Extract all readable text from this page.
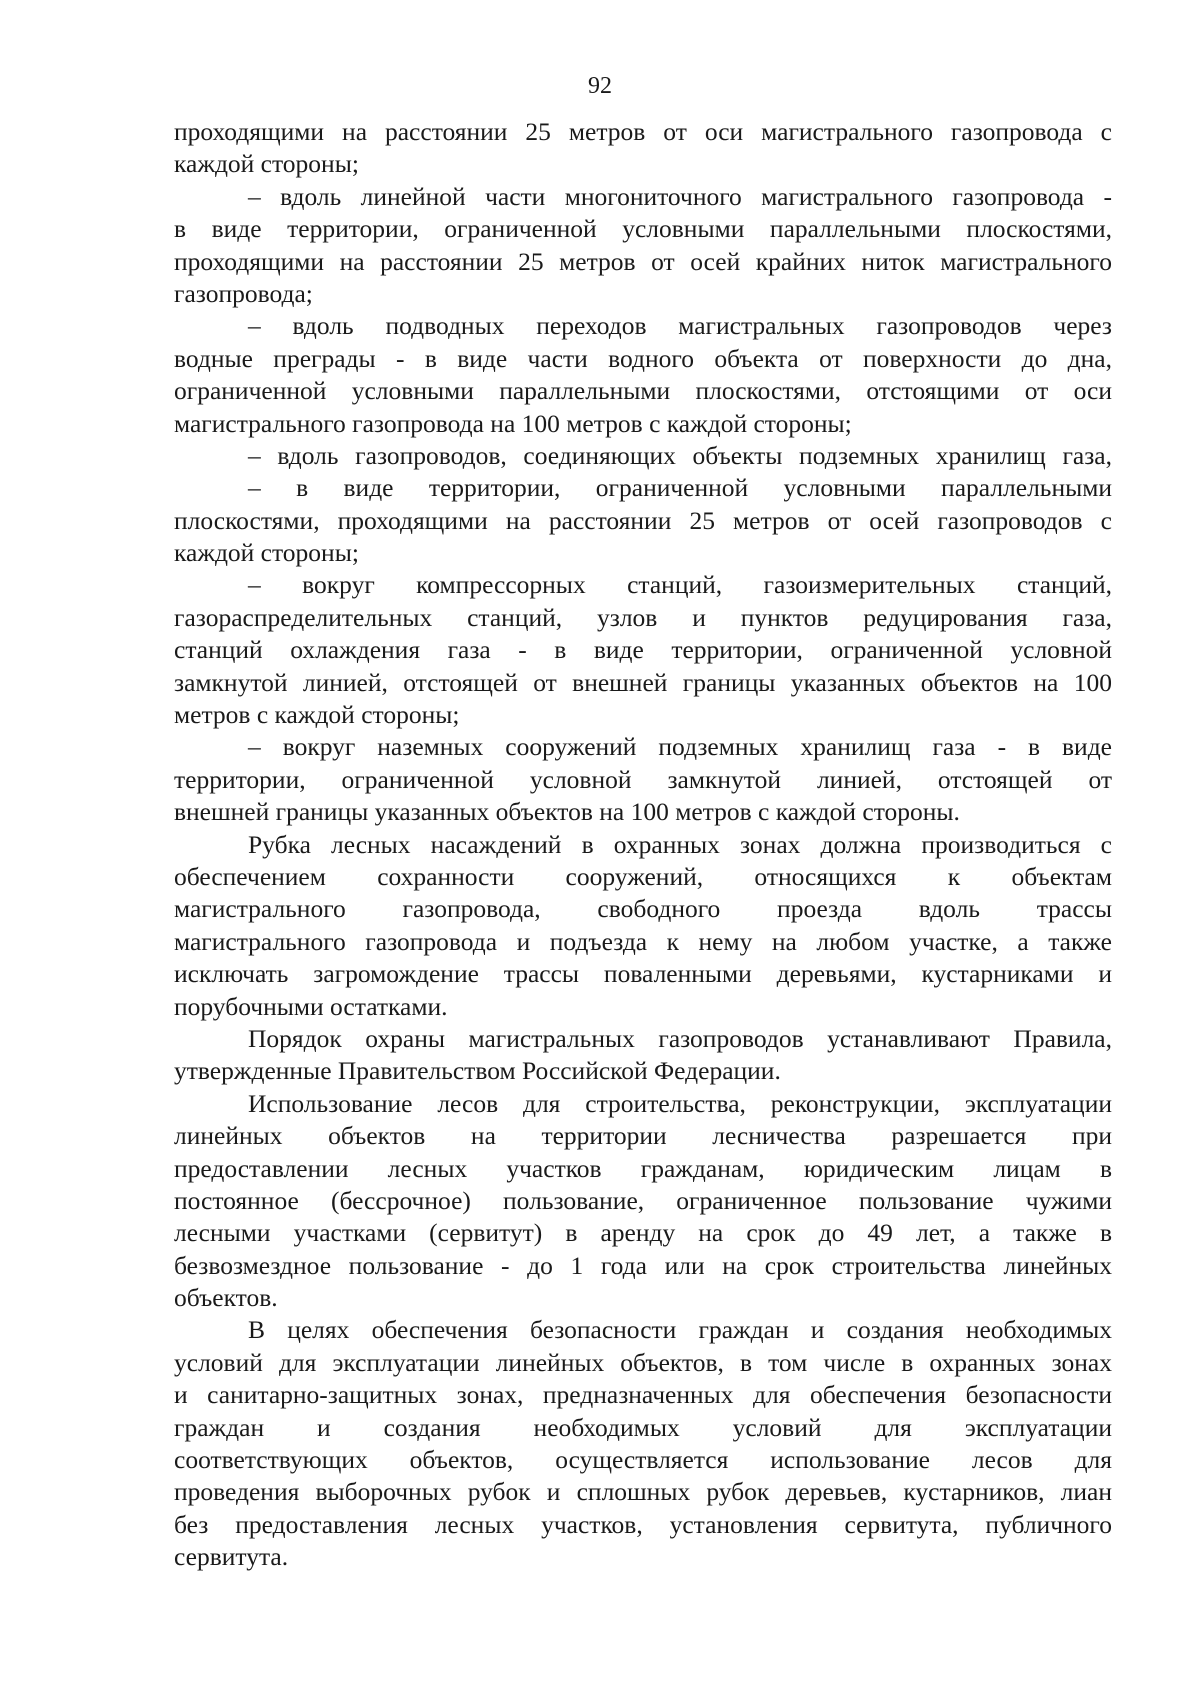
92
проходящими на расстоянии 25 метров от оси магистрального газопровода с
каждой стороны;
– вдоль линейной части многониточного магистрального газопровода -
в виде территории, ограниченной условными параллельными плоскостями,
проходящими на расстоянии 25 метров от осей крайних ниток магистрального
газопровода;
– вдоль подводных переходов магистральных газопроводов через
водные преграды - в виде части водного объекта от поверхности до дна,
ограниченной условными параллельными плоскостями, отстоящими от оси
магистрального газопровода на 100 метров с каждой стороны;
– вдоль газопроводов, соединяющих объекты подземных хранилищ газа,
– в виде территории, ограниченной условными параллельными
плоскостями, проходящими на расстоянии 25 метров от осей газопроводов с
каждой стороны;
– вокруг компрессорных станций, газоизмерительных станций,
газораспределительных станций, узлов и пунктов редуцирования газа,
станций охлаждения газа - в виде территории, ограниченной условной
замкнутой линией, отстоящей от внешней границы указанных объектов на 100
метров с каждой стороны;
– вокруг наземных сооружений подземных хранилищ газа - в виде
территории, ограниченной условной замкнутой линией, отстоящей от
внешней границы указанных объектов на 100 метров с каждой стороны.
Рубка лесных насаждений в охранных зонах должна производиться с
обеспечением сохранности сооружений, относящихся к объектам
магистрального газопровода, свободного проезда вдоль трассы
магистрального газопровода и подъезда к нему на любом участке, а также
исключать загромождение трассы поваленными деревьями, кустарниками и
порубочными остатками.
Порядок охраны магистральных газопроводов устанавливают Правила,
утвержденные Правительством Российской Федерации.
Использование лесов для строительства, реконструкции, эксплуатации
линейных объектов на территории лесничества разрешается при
предоставлении лесных участков гражданам, юридическим лицам в
постоянное (бессрочное) пользование, ограниченное пользование чужими
лесными участками (сервитут) в аренду на срок до 49 лет, а также в
безвозмездное пользование - до 1 года или на срок строительства линейных
объектов.
В целях обеспечения безопасности граждан и создания необходимых
условий для эксплуатации линейных объектов, в том числе в охранных зонах
и санитарно-защитных зонах, предназначенных для обеспечения безопасности
граждан и создания необходимых условий для эксплуатации
соответствующих объектов, осуществляется использование лесов для
проведения выборочных рубок и сплошных рубок деревьев, кустарников, лиан
без предоставления лесных участков, установления сервитута, публичного
сервитута.
